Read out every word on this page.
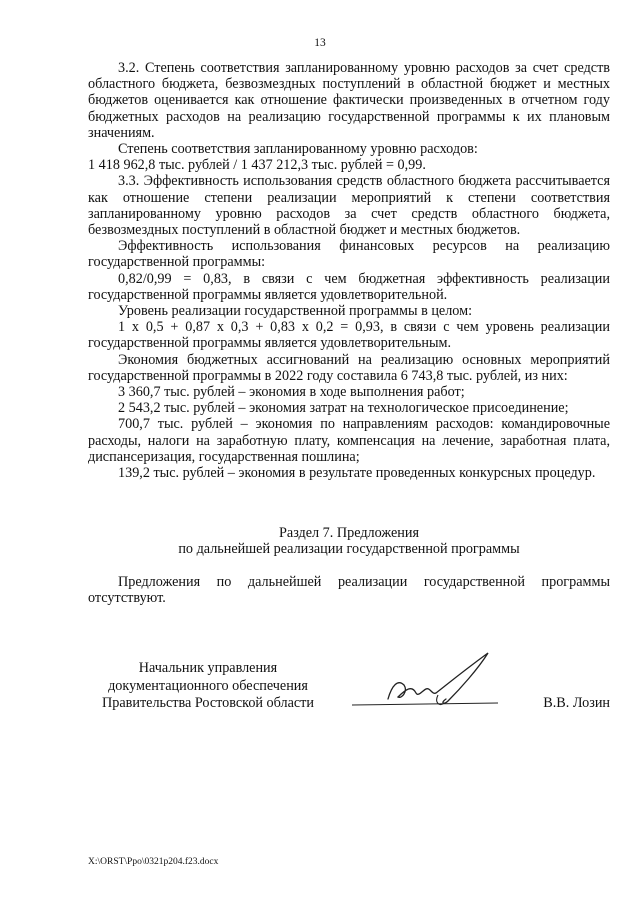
13

3.2. Степень соответствия запланированному уровню расходов за счет средств областного бюджета, безвозмездных поступлений в областной бюджет и местных бюджетов оценивается как отношение фактически произведенных в отчетном году бюджетных расходов на реализацию государственной программы к их плановым значениям.

Степень соответствия запланированному уровню расходов:

1 418 962,8 тыс. рублей / 1 437 212,3 тыс. рублей = 0,99.

3.3. Эффективность использования средств областного бюджета рассчитывается как отношение степени реализации мероприятий к степени соответствия запланированному уровню расходов за счет средств областного бюджета, безвозмездных поступлений в областной бюджет и местных бюджетов.

Эффективность использования финансовых ресурсов на реализацию государственной программы:

0,82/0,99 = 0,83, в связи с чем бюджетная эффективность реализации государственной программы является удовлетворительной.

Уровень реализации государственной программы в целом:

1 х 0,5 + 0,87 х 0,3 + 0,83 х 0,2 = 0,93, в связи с чем уровень реализации государственной программы является удовлетворительным.

Экономия бюджетных ассигнований на реализацию основных мероприятий государственной программы в 2022 году составила 6 743,8 тыс. рублей, из них:

3 360,7 тыс. рублей – экономия в ходе выполнения работ;

2 543,2 тыс. рублей – экономия затрат на технологическое присоединение;

700,7 тыс. рублей – экономия по направлениям расходов: командировочные расходы, налоги на заработную плату, компенсация на лечение, заработная плата, диспансеризация, государственная пошлина;

139,2 тыс. рублей – экономия в результате проведенных конкурсных процедур.

Раздел 7. Предложения
по дальнейшей реализации государственной программы

Предложения по дальнейшей реализации государственной программы отсутствуют.

Начальник управления
документационного обеспечения
Правительства Ростовской области	В.В. Лозин
X:\ORST\Ppo\0321p204.f23.docx
